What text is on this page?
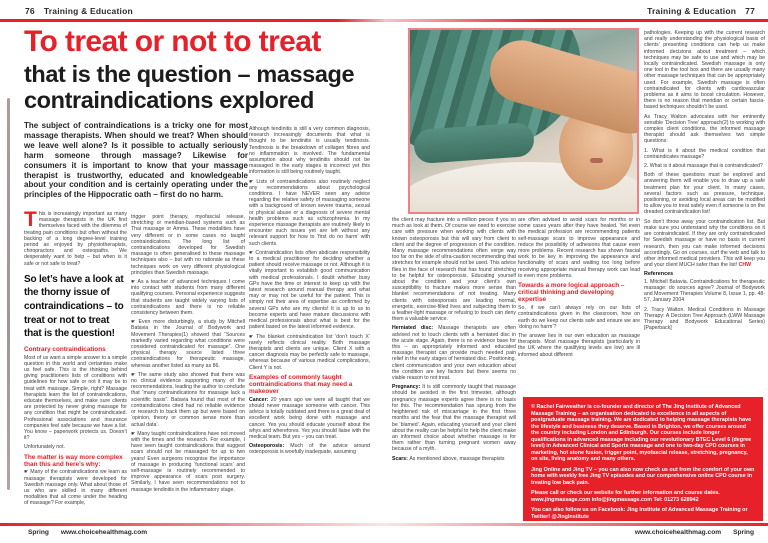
76 Training & Education
To treat or not to treat
that is the question – massage contraindications explored

The subject of contraindications is a tricky one for most massage therapists. When should we treat? When should we leave well alone? Is it possible to actually seriously harm someone through massage? Likewise for consumers it is important to know that your massage therapist is trustworthy, educated and knowledgeable about your condition and is certainly operating under the principles of the Hippocratic oath – first do no harm.

This is increasingly important as many massage therapists in the UK find themselves faced with the dilemma of treating pain conditions but often without the backing of a long degree-level training period as enjoyed by physiotherapists, chiropractors and osteopaths. We desperately want to help – but when is it safe or not safe to treat?

So let’s have a look at the thorny issue of contraindications – to treat or not to treat that is the question!

Contrary contraindications

Most of us want a simple answer to a simple question in this world and certainties make us feel safe. This is the thinking behind giving practitioners lists of conditions with guidelines for how safe or not it may be to treat with massage. Simple, right? Massage therapists learn the list of contraindications, educate themselves, and make sure clients are protected by never giving massage for any condition that might be contraindicated. Professional associations and insurance companies feel safe because we have a list. You know – paperwork protects us. Doesn’t it?

Unfortunately not.

The matter is way more complex than this and here’s why:

☛ Many of the contraindications we learn as massage therapists were developed for Swedish massage only. What about those of us who are skilled in many different modalities that all come under the heading of massage? For example,

trigger point therapy, myofascial release, stretching or meridian-based systems such as Thai massage or Amma. These modalities have very different or in some cases no taught contraindications. The long list of contraindications developed for Swedish massage is often generalised to these massage techniques also – but with no rationale as these techniques work on very different physiological principles than Swedish massage.

☛ As a teacher of advanced techniques I come into contact with students from many different qualifying courses. Personal experience suggests that students are taught widely varying lists of contraindications and there is no reliable consistency between them.

☛ Even more disturbingly, a study by Mitchell Batavia in the Journal of Bodywork and Movement Therapies(1) showed that “Sources markedly varied regarding what conditions were considered contraindicated for massage”. One physical therapy source listed three contraindications for therapeutic massage, whereas another listed as many as 86.

☛ The same study also showed that there was no clinical evidence supporting many of the recommendations, leading the author to conclude that “many contraindications for massage lack a scientific basis”. Batavia found that most of the contraindications cited had no reliable evidence or research to back them up but were based on ‘opinion, theory or common sense more than actual data’.

☛ Many taught contraindications have not moved with the times and the research. For example, I have seen taught contraindications that suggest scars should not be massaged for up to two years! Even surgeons recognise the importance of massage in producing ‘functional scars’ and self-massage is routinely recommended to improve appearance of scars post surgery. Similarly, I have seen recommendations not to massage tendinitis in the inflammatory stage.

Although tendinitis is still a very common diagnosis, research increasingly documents that what is thought to be tendinitis is usually tendinosis. Tendinosis is the breakdown of collagen fibres and no inflammation is involved. The fundamental assumption about why tendinitis should not be massaged in the early stages is incorrect yet this information is still being routinely taught.

☛ Lists of contraindications also routinely neglect any recommendations about psychological conditions. I have NEVER seen any advice regarding the relative safety of massaging someone with a background of known severe trauma, sexual or physical abuse or a diagnosis of severe mental health problems such as schizophrenia. In my experience massage therapists are routinely likely to encounter such issues yet are left without any relevant support for how to ‘first do no harm’ with such clients.

☛ Contraindication lists often abdicate responsibility to a medical practitioner for deciding whether a patient should receive massage or not. Although it is vitally important to establish good communication with medical professionals. I doubt whether busy GPs have the time or interest to keep up with the latest research around manual therapy and what may or may not be useful for the patient. This is simply not their area of expertise as confirmed by several GPs who are my clients! It is up to us to become experts and have mature discussions with medical professionals about what is best for the patient based on the latest informed evidence.

☛ The blanket contraindication list ‘don’t touch X’ rarely reflects clinical reality. Both massage therapists and clients are unique. Client X with a cancer diagnosis may be perfectly safe to massage, whereas because of various medical complications, Client Y is not.

Examples of commonly taught contraindications that may need a makeover

Cancer: 20 years ago we were all taught that we should never massage someone with cancer. This advice is totally outdated and there is a great deal of excellent work being done with massage and cancer. Yes you should educate yourself about the whys and wherefores. Yes you should liaise with the medical team. But yes – you can treat.

Osteoporosis: Much of the advice around osteoporosis is woefully inadequate, assuming

Spring www.choicehealthmag.com
Training & Education 77

the client may fracture into a million pieces if you so much as look at them. Of course we need to exercise care with pressure when working with clients with known osteoporosis but this will vary from client to client and the degree of progression of the condition. Many massage recommendations often verge way too far on the side of ultra-caution recommending that stretches for example should not be used. This advice flies in the face of research that has found stretching to be helpful for osteoporosis. Educating yourself about the condition and your client’s own susceptibility to fracture makes more sense than blanket recommendations of not treating. Many clients with osteoporosis are leading normal, energetic, exercise-filled lives and subjecting them to a feather-light massage or refusing to touch can deny them a valuable service.

Herniated disc: Massage therapists are often advised not to touch clients with a herniated disc in the acute stage. Again, there is no evidence base for this – an appropriately informed and educated massage therapist can provide much needed pain relief in the early stages of herniated disc. Positioning, client communication and your own education about the condition are key factors but there seems no viable reason to not treat.

Pregnancy: It is still commonly taught that massage should be avoided in the first trimester, although pregnancy massage experts agree there is no basis for this. The recommendation has sprung from the heightened risk of miscarriage in the first three months and the fear that the massage therapist will be ‘blamed’. Again, educating yourself and your client about the reality can be helpful to help the client make an informed choice about whether massage is for them rather than turning pregnant women away because of a myth.

Scars: As mentioned above, massage therapists

are often advised to avoid scars for months or in some cases years after they have healed. Yet even the medical profession are recommending patients self-massage scars to improve appearance and reduce the possibility of adhesions that cause even more problems. Recent research has shown fascial work to be key in improving the appearance and functionality of scars and waiting too long before receiving appropriate manual therapy work can lead to even more problems.

Towards a more logical approach – critical thinking and developing expertise

So, if we can’t always rely on our lists of contraindications given in the classroom, how on earth do we keep our clients safe and ensure we are ‘doing no harm’?

The answer lies in our own education as massage therapists. Most massage therapists (particularly in the UK where the qualifying levels are low) are ill informed about different

pathologies. Keeping up with the current research and really understanding the physiological basis of clients’ presenting conditions can help us make informed decisions about treatment – which techniques may be safe to use and which may be locally contraindicated. Swedish massage is only one tool in the tool box and there are usually many other massage techniques that can be appropriately used. For example, Swedish massage is often contraindicated for clients with cardiovascular problems as it aims to boost circulation. However, there is no reason that meridian or certain fascia-based techniques shouldn’t be used.

As Tracy Walton advocates with her eminently sensible ‘Decision Tree’ approach(2) to working with complex client conditions, the informed massage therapist should ask themselves two simple questions:

1. What is it about the medical condition that contraindicates massage?

2. What is it about massage that is contraindicated?

Both of these questions must be explored and answering them will enable you to draw up a safe treatment plan for your client. In many cases, several factors such as pressure, technique, positioning, or avoiding local areas can be modified to allow you to treat safely even if someone is on the dreaded contraindication list!

So don’t throw away your contraindication list. But make sure you understand why the conditions on it are contraindicated. If they are only contraindicated for Swedish massage or have no basis in current research, then you can make informed decisions accordingly. Go on courses, surf the web and talk to other informed medical providers. This will keep you and your client MUCH safer than the list! CHW

References

1. Mitchell Batavia. Contraindications for therapeutic massage: do sources agree? Journal of Bodywork and Movement Therapies Volume 8, Issue 1, pp. 48-57, January 2004

2. Tracy Walton. Medical Conditions in Massage Therapy: A Decision Tree Approach (LWW Massage Therapy and Bodywork Educational Series) [Paperback]

© Rachel Fairweather is co-founder and director of The Jing Institute of Advanced Massage Training – an organisation dedicated to excellence in all aspects of postgraduate massage training. We are dedicated to helping massage therapists have the lifestyle and business they deserve. Based in Brighton, we offer courses around the country including London and Edinburgh. Our courses include longer qualifications in advanced massage including our revolutionary BTEC Level 6 (degree level) in Advanced Clinical and Sports massage and one to two-day CPD courses in marketing, hot stone fusion, trigger point, myofascial release, stretching, pregnancy, on site, living anatomy and many others.

Jing Online and Jing TV – you can also now check us out from the comfort of your own home with weekly free Jing TV episodes and our comprehensive online CPD course in treating low back pain.

Please call or check our website for further information and course dates. www.jingmassage.com info@jingmassage.com Tel: 01273 628942

You can also follow us on Facebook: Jing Institute of Advanced Massage Training or Twitter! @JingInstitute

www.choicehealthmag.com Spring
